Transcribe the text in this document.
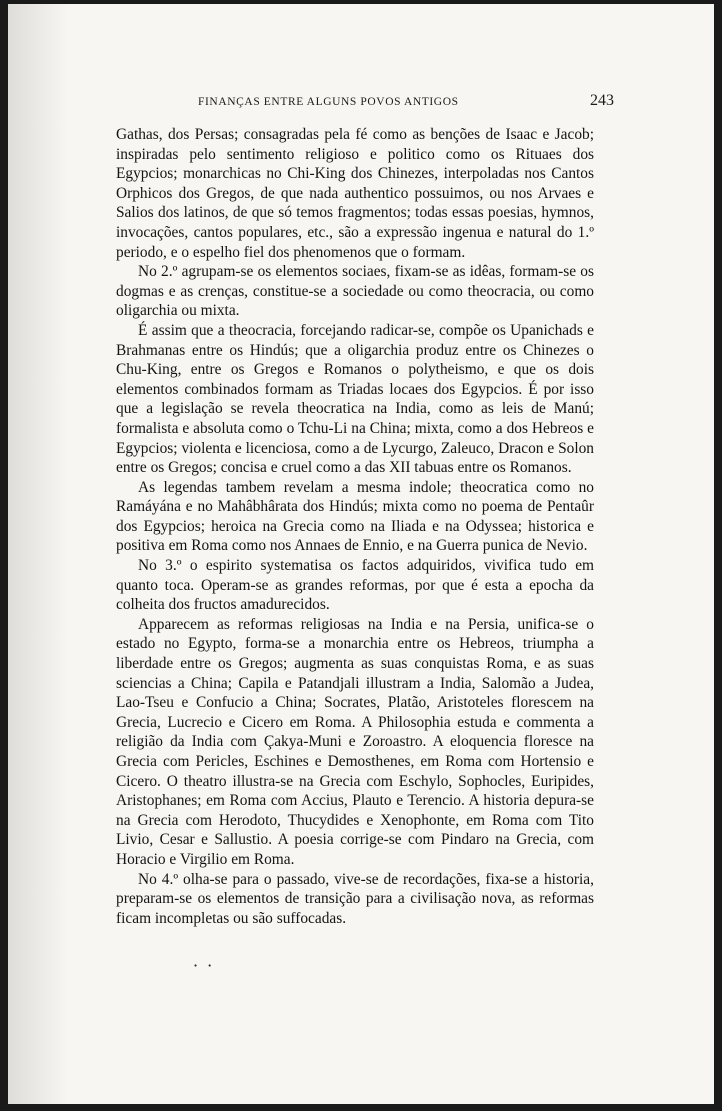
FINANÇAS ENTRE ALGUNS POVOS ANTIGOS	243

Gathas, dos Persas; consagradas pela fé como as benções de Isaac e Jacob; inspiradas pelo sentimento religioso e politico como os Rituaes dos Egypcios; monarchicas no Chi-King dos Chinezes, interpoladas nos Cantos Orphicos dos Gregos, de que nada authentico possuimos, ou nos Arvaes e Salios dos latinos, de que só temos fragmentos; todas essas poesias, hymnos, invocações, cantos populares, etc., são a expressão ingenua e natural do 1.º periodo, e o espelho fiel dos phenomenos que o formam.

No 2.º agrupam-se os elementos sociaes, fixam-se as idêas, formam-se os dogmas e as crenças, constitue-se a sociedade ou como theocracia, ou como oligarchia ou mixta.

É assim que a theocracia, forcejando radicar-se, compõe os Upanichads e Brahmanas entre os Hindús; que a oligarchia produz entre os Chinezes o Chu-King, entre os Gregos e Romanos o polytheismo, e que os dois elementos combinados formam as Triadas locaes dos Egypcios. É por isso que a legislação se revela theocratica na India, como as leis de Manú; formalista e absoluta como o Tchu-Li na China; mixta, como a dos Hebreos e Egypcios; violenta e licenciosa, como a de Lycurgo, Zaleuco, Dracon e Solon entre os Gregos; concisa e cruel como a das XII tabuas entre os Romanos.

As legendas tambem revelam a mesma indole; theocratica como no Ramáyána e no Mahâbhârata dos Hindús; mixta como no poema de Pentaûr dos Egypcios; heroica na Grecia como na Iliada e na Odyssea; historica e positiva em Roma como nos Annaes de Ennio, e na Guerra punica de Nevio.

No 3.º o espirito systematisa os factos adquiridos, vivifica tudo em quanto toca. Operam-se as grandes reformas, por que é esta a epocha da colheita dos fructos amadurecidos.

Apparecem as reformas religiosas na India e na Persia, unifica-se o estado no Egypto, forma-se a monarchia entre os Hebreos, triumpha a liberdade entre os Gregos; augmenta as suas conquistas Roma, e as suas sciencias a China; Capila e Patandjali illustram a India, Salomão a Judea, Lao-Tseu e Confucio a China; Socrates, Platão, Aristoteles florescem na Grecia, Lucrecio e Cicero em Roma. A Philosophia estuda e commenta a religião da India com Çakya-Muni e Zoroastro. A eloquencia floresce na Grecia com Pericles, Eschines e Demosthenes, em Roma com Hortensio e Cicero. O theatro illustra-se na Grecia com Eschylo, Sophocles, Euripides, Aristophanes; em Roma com Accius, Plauto e Terencio. A historia depura-se na Grecia com Herodoto, Thucydides e Xenophonte, em Roma com Tito Livio, Cesar e Sallustio. A poesia corrige-se com Pindaro na Grecia, com Horacio e Virgilio em Roma.

No 4.º olha-se para o passado, vive-se de recordações, fixa-se a historia, preparam-se os elementos de transição para a civilisação nova, as reformas ficam incompletas ou são suffocadas.

· ·
